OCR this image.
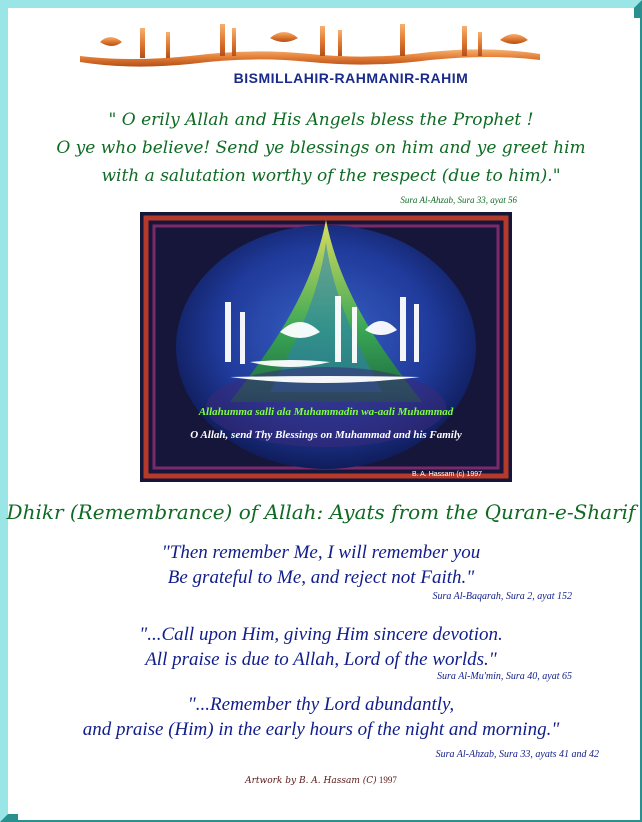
بسم الله الرحمن الرحيم
BISMILLAHIR-RAHMANIR-RAHIM
" O erily Allah and His Angels bless the Prophet !
O ye who believe! Send ye blessings on him and ye greet him
with a salutation worthy of the respect (due to him)."
Sura Al-Ahzab, Sura 33, ayat 56
Allahumma salli ala Muhammadin wa-aali Muhammad
O Allah, send Thy Blessings on Muhammad and his Family
B. A. Hassam (c) 1997
Dhikr (Remembrance) of Allah: Ayats from the Quran-e-Sharif
"Then remember Me, I will remember you
Be grateful to Me, and reject not Faith."
Sura Al-Baqarah, Sura 2, ayat 152
"...Call upon Him, giving Him sincere devotion.
All praise is due to Allah, Lord of the worlds."
Sura Al-Mu'min, Sura 40, ayat 65
"...Remember thy Lord abundantly,
and praise (Him) in the early hours of the night and morning."
Sura Al-Ahzab, Sura 33, ayats 41 and 42
Artwork by B. A. Hassam (C) 1997
